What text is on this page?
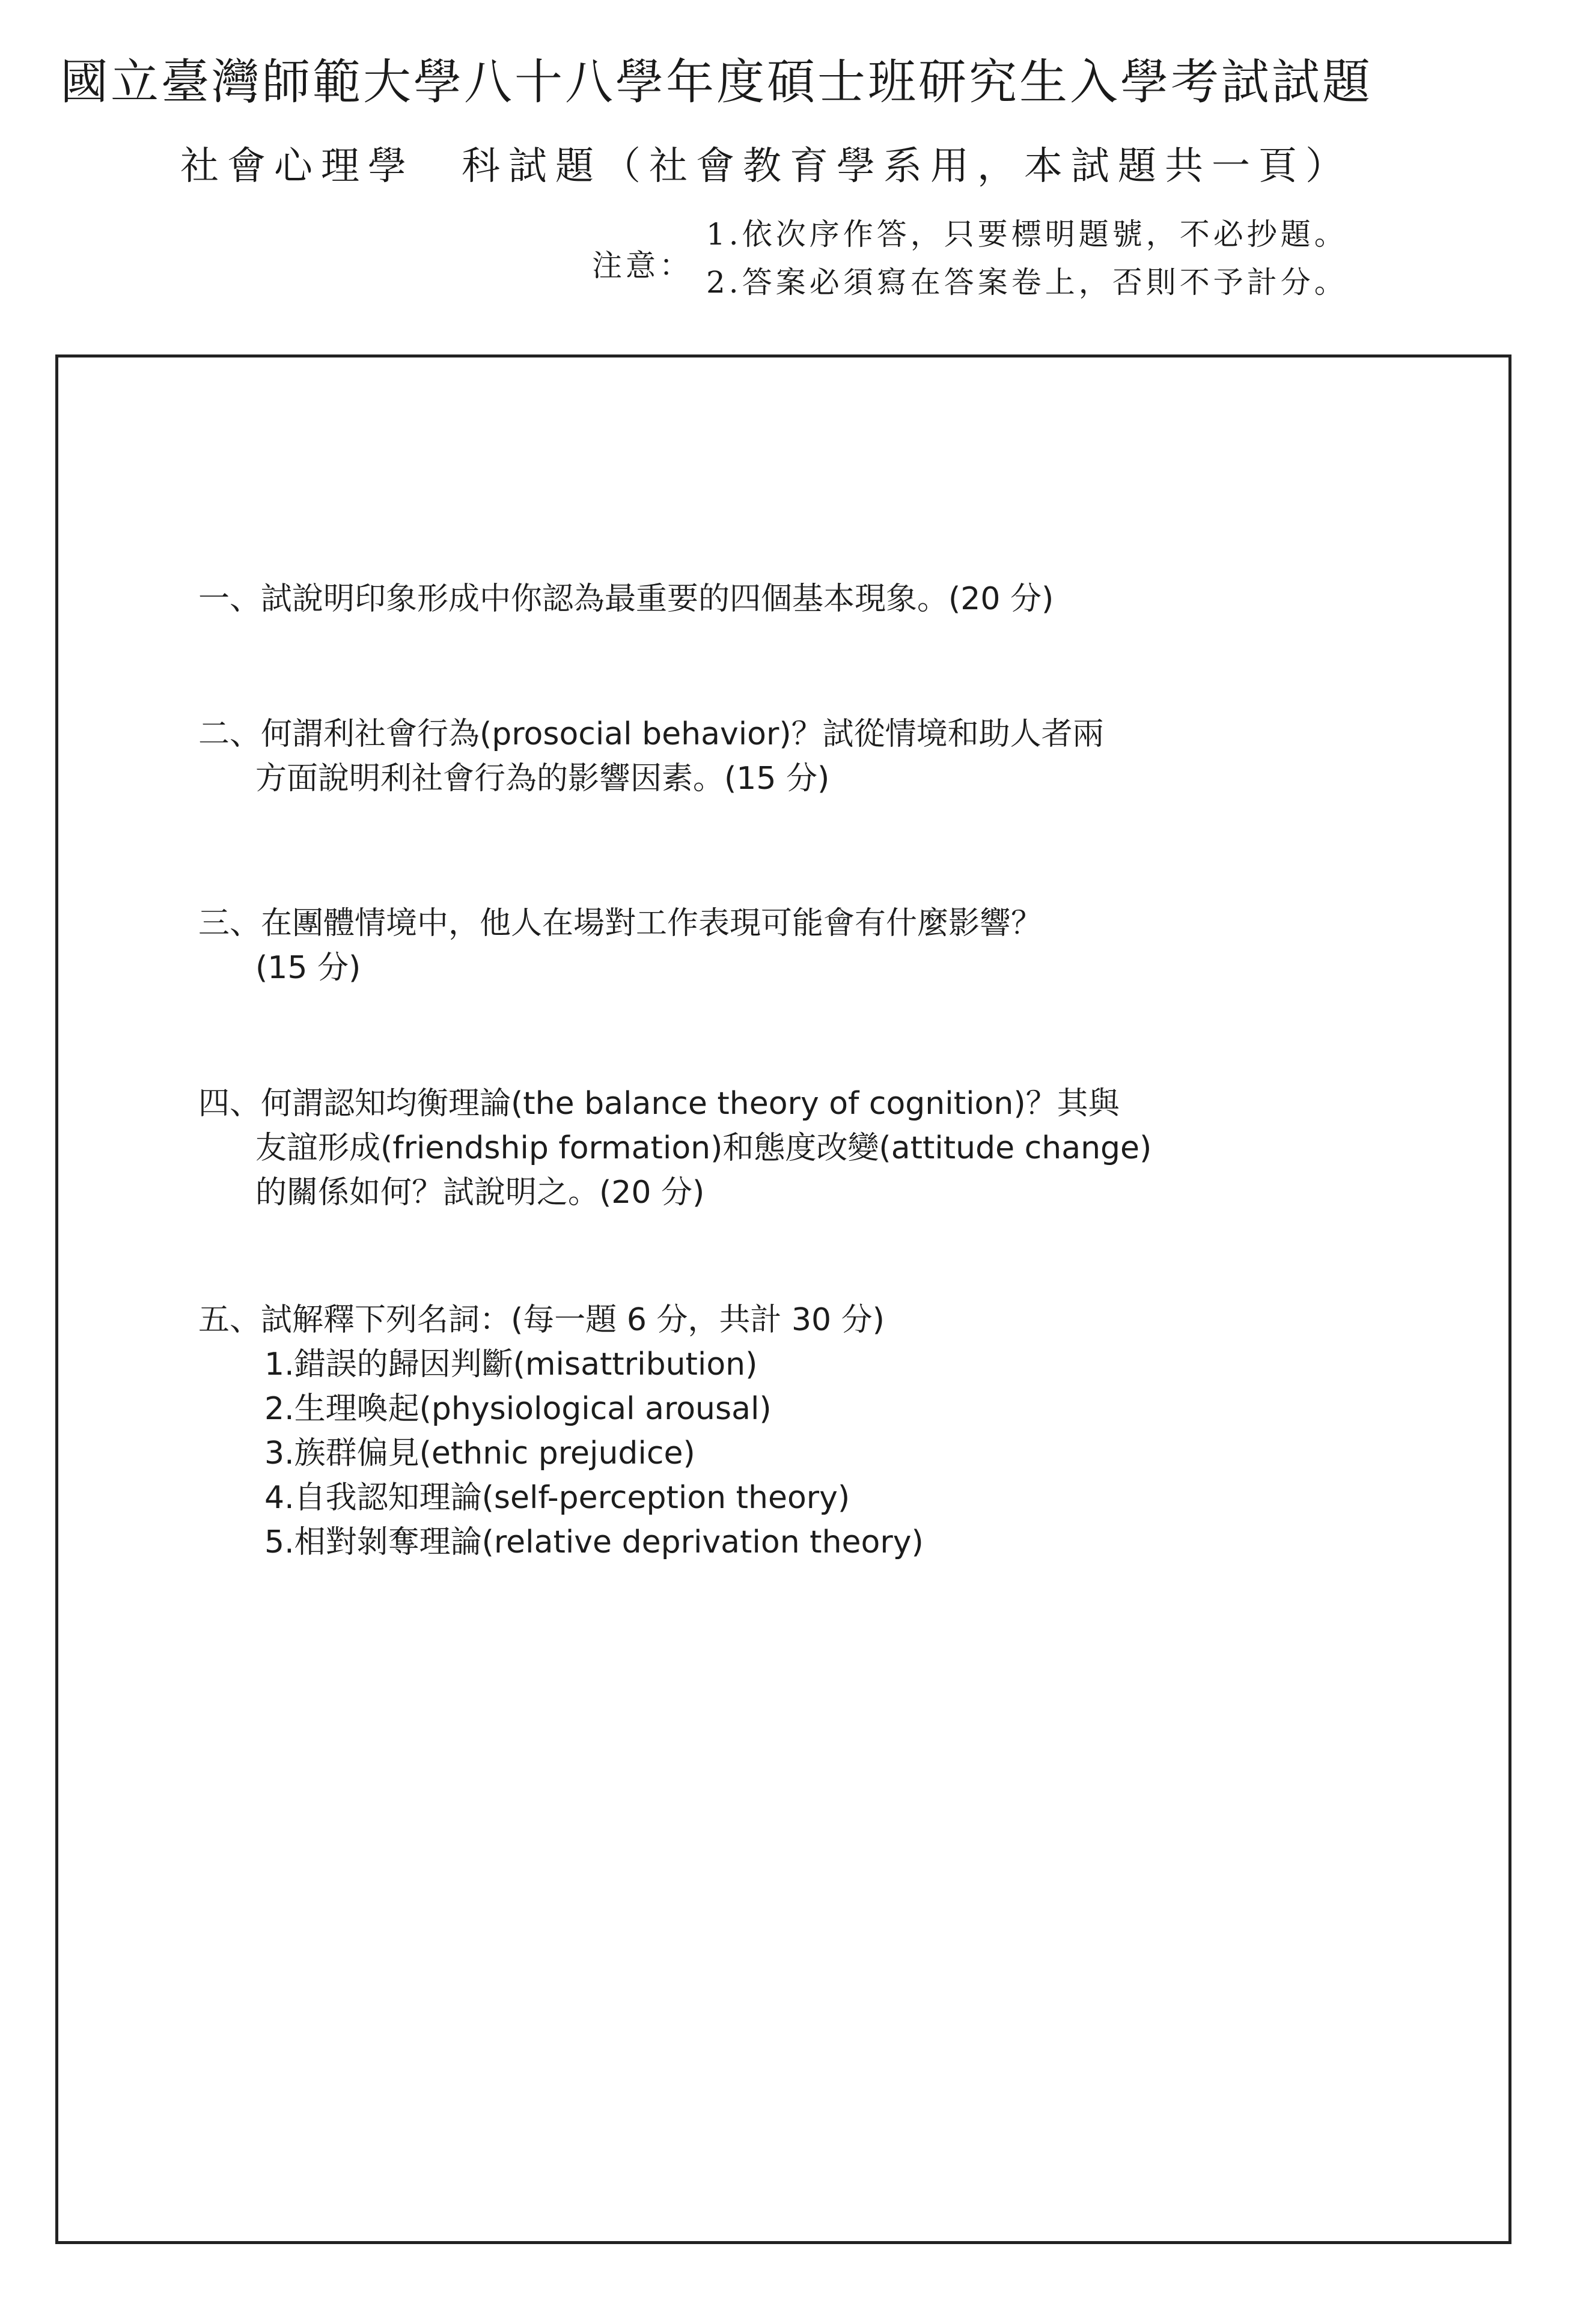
國立臺灣師範大學八十八學年度碩士班研究生入學考試試題
社會心理學　科試題（社會教育學系用，本試題共一頁）
注意：
1.依次序作答，只要標明題號，不必抄題。
2.答案必須寫在答案卷上，否則不予計分。
一、試說明印象形成中你認為最重要的四個基本現象。(20 分)
二、何謂利社會行為(prosocial behavior)？試從情境和助人者兩
方面說明利社會行為的影響因素。(15 分)
三、在團體情境中，他人在場對工作表現可能會有什麼影響？
(15 分)
四、何謂認知均衡理論(the balance theory of cognition)？其與
友誼形成(friendship formation)和態度改變(attitude change)
的關係如何？試說明之。(20 分)
五、試解釋下列名詞：(每一題 6 分，共計 30 分)
1.錯誤的歸因判斷(misattribution)
2.生理喚起(physiological arousal)
3.族群偏見(ethnic prejudice)
4.自我認知理論(self-perception theory)
5.相對剝奪理論(relative deprivation theory)
